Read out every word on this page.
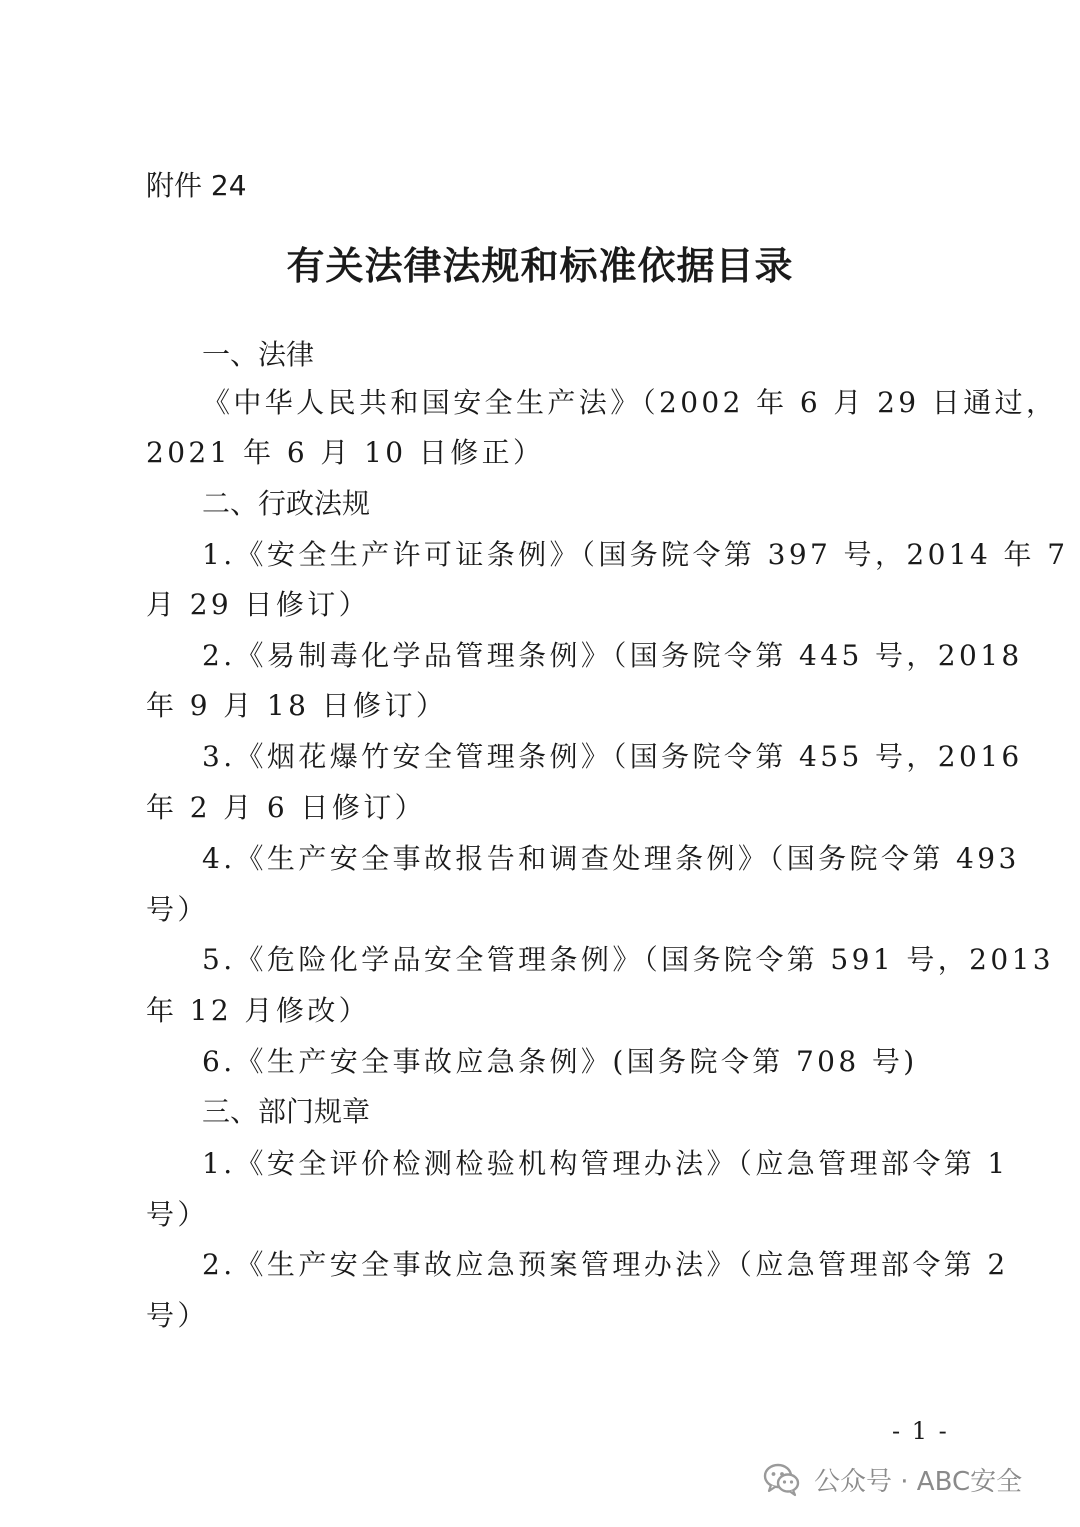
附件 24
有关法律法规和标准依据目录
一、法律
《中华人民共和国安全生产法》（2002 年 6 月 29 日通过，
2021 年 6 月 10 日修正）
二、行政法规
1.《安全生产许可证条例》（国务院令第 397 号，2014 年 7
月 29 日修订）
2.《易制毒化学品管理条例》（国务院令第 445 号，2018
年 9 月 18 日修订）
3.《烟花爆竹安全管理条例》（国务院令第 455 号，2016
年 2 月 6 日修订）
4.《生产安全事故报告和调查处理条例》（国务院令第 493
号）
5.《危险化学品安全管理条例》（国务院令第 591 号，2013
年 12 月修改）
6.《生产安全事故应急条例》(国务院令第 708 号)
三、部门规章
1.《安全评价检测检验机构管理办法》（应急管理部令第 1
号）
2.《生产安全事故应急预案管理办法》（应急管理部令第 2
号）
- 1 -
公众号 · ABC安全
